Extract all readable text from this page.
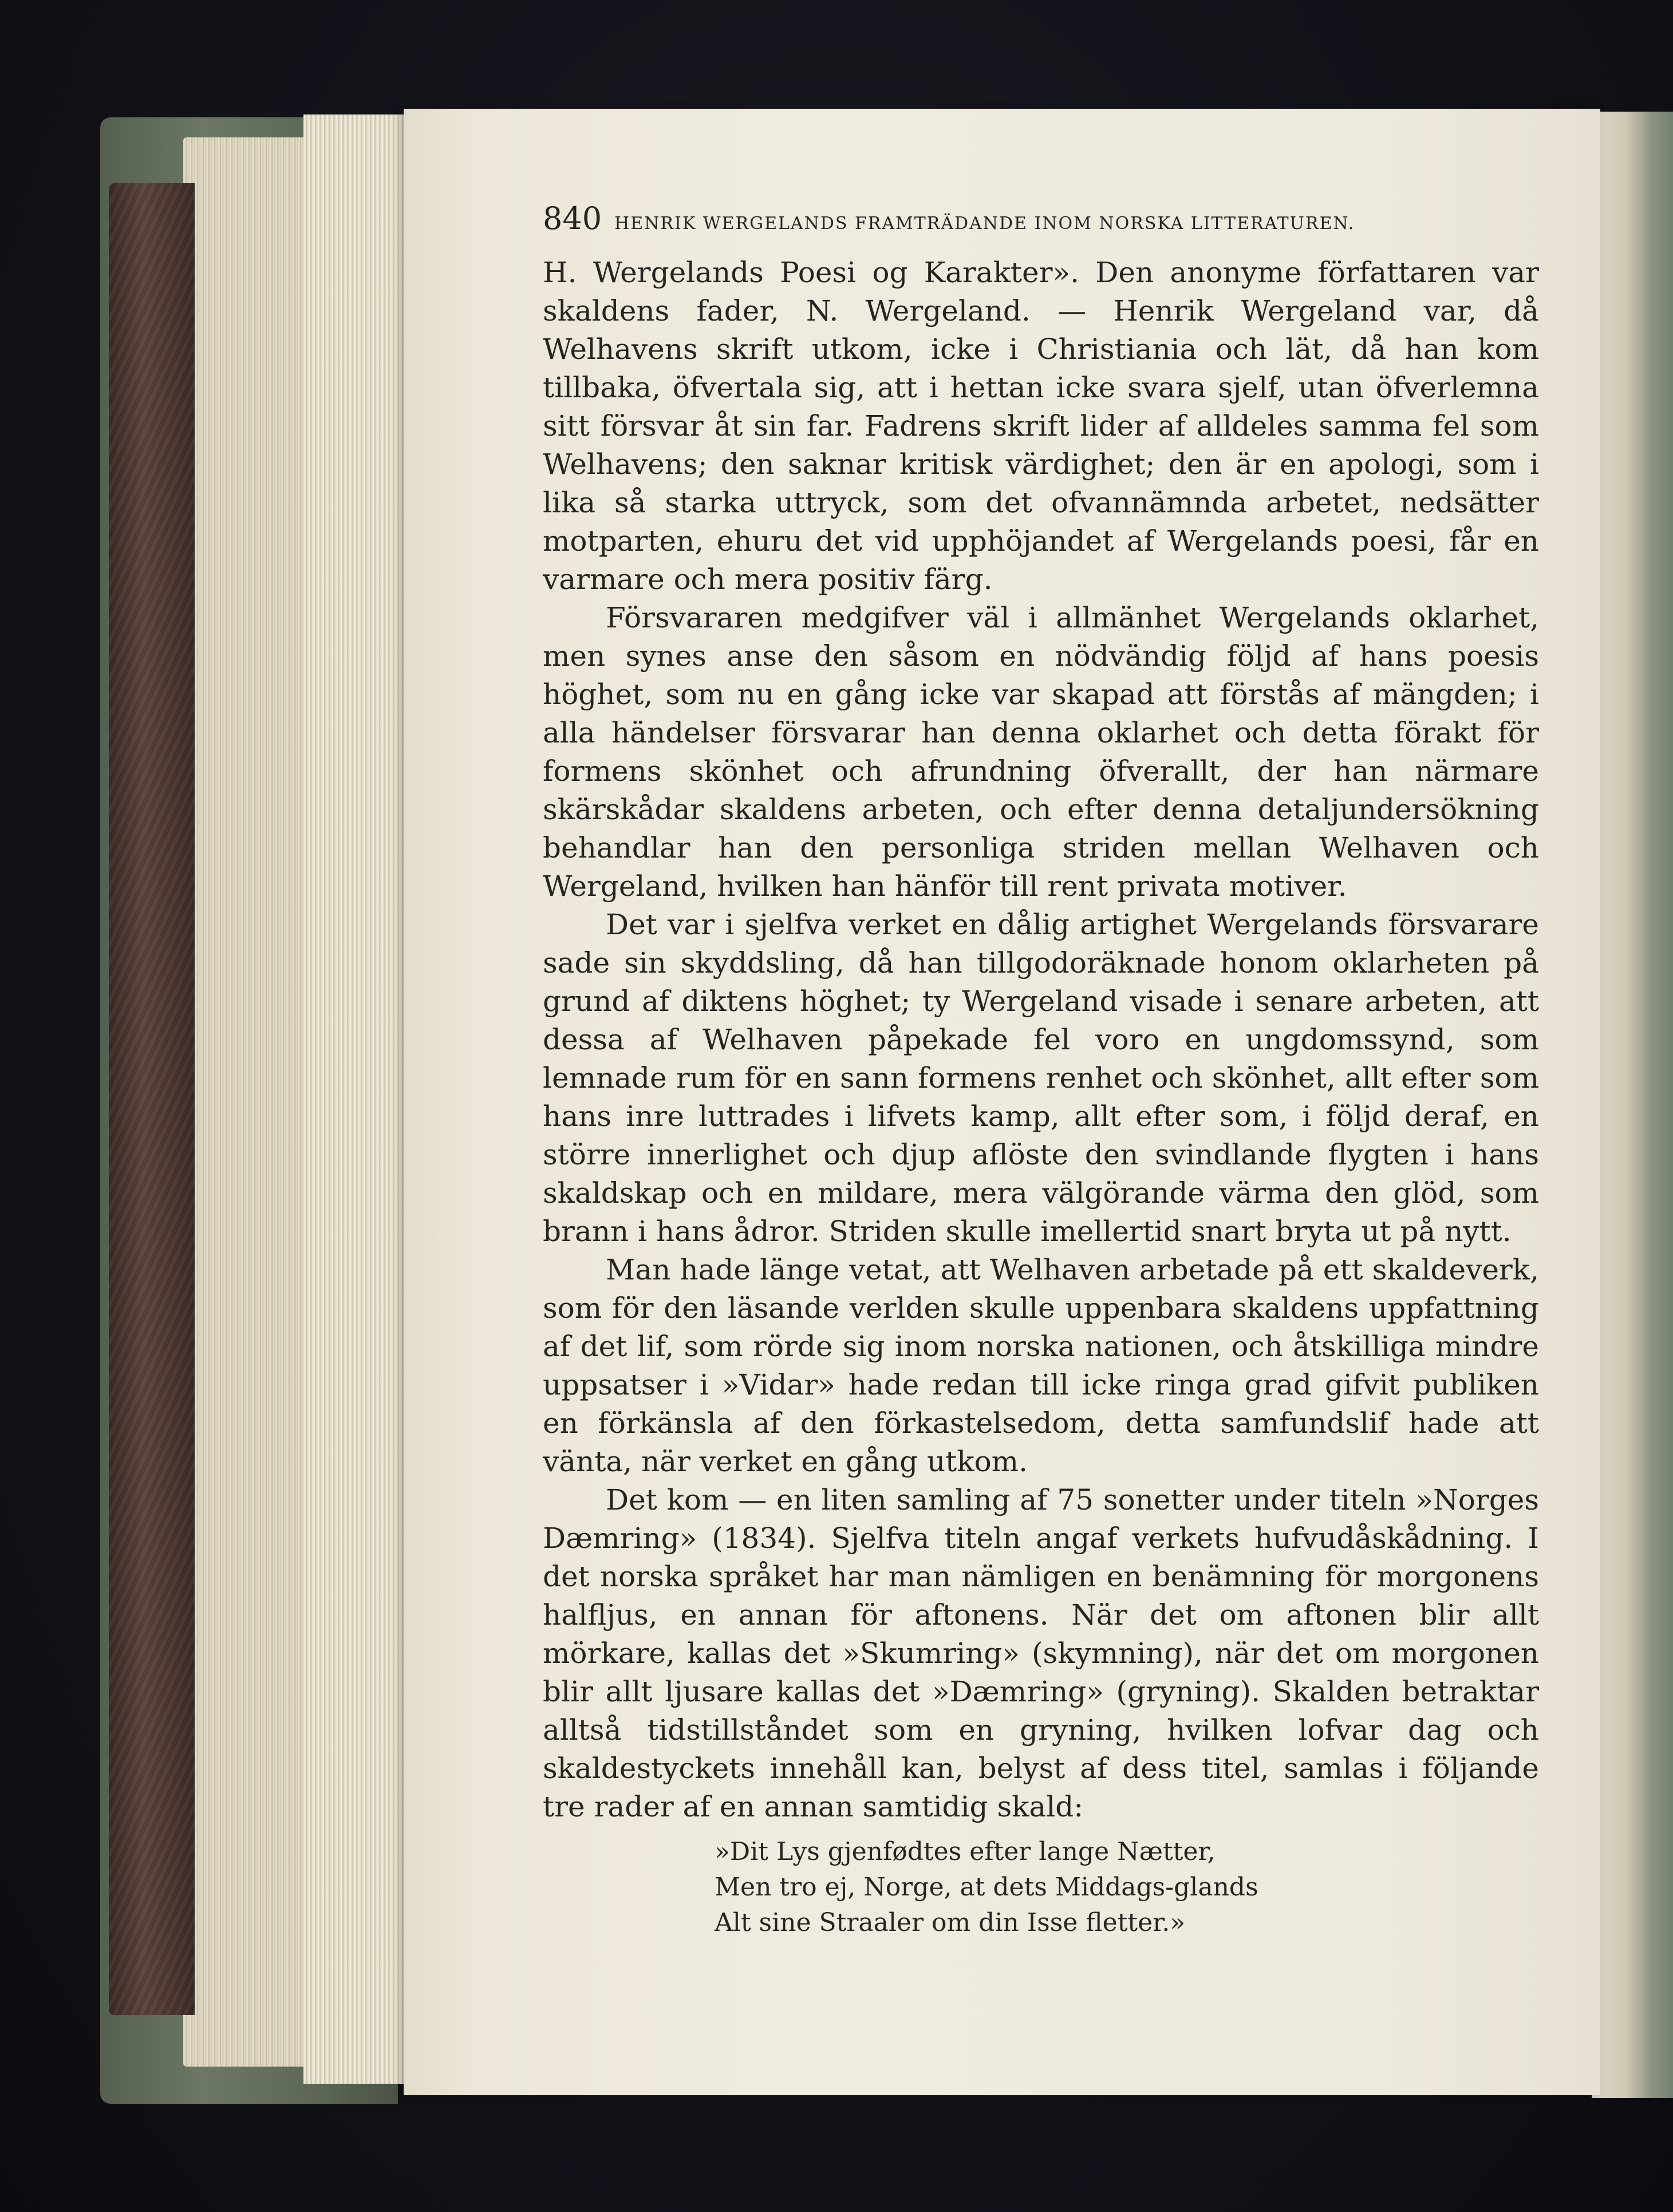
840 HENRIK WERGELANDS FRAMTRÄDANDE INOM NORSKA LITTERATUREN.

H. Wergelands Poesi og Karakter». Den anonyme författaren var skaldens fader, N. Wergeland. — Henrik Wergeland var, då Welhavens skrift utkom, icke i Christiania och lät, då han kom tillbaka, öfvertala sig, att i hettan icke svara sjelf, utan öfverlemna sitt försvar åt sin far. Fadrens skrift lider af alldeles samma fel som Welhavens; den saknar kritisk värdighet; den är en apologi, som i lika så starka uttryck, som det ofvannämnda arbetet, nedsätter motparten, ehuru det vid upphöjandet af Wergelands poesi, får en varmare och mera positiv färg.

Försvararen medgifver väl i allmänhet Wergelands oklarhet, men synes anse den såsom en nödvändig följd af hans poesis höghet, som nu en gång icke var skapad att förstås af mängden; i alla händelser försvarar han denna oklarhet och detta förakt för formens skönhet och afrundning öfverallt, der han närmare skärskådar skaldens arbeten, och efter denna detaljundersökning behandlar han den personliga striden mellan Welhaven och Wergeland, hvilken han hänför till rent privata motiver.

Det var i sjelfva verket en dålig artighet Wergelands försvarare sade sin skyddsling, då han tillgodoräknade honom oklarheten på grund af diktens höghet; ty Wergeland visade i senare arbeten, att dessa af Welhaven påpekade fel voro en ungdomssynd, som lemnade rum för en sann formens renhet och skönhet, allt efter som hans inre luttrades i lifvets kamp, allt efter som, i följd deraf, en större innerlighet och djup aflöste den svindlande flygten i hans skaldskap och en mildare, mera välgörande värma den glöd, som brann i hans ådror. Striden skulle imellertid snart bryta ut på nytt.

Man hade länge vetat, att Welhaven arbetade på ett skaldeverk, som för den läsande verlden skulle uppenbara skaldens uppfattning af det lif, som rörde sig inom norska nationen, och åtskilliga mindre uppsatser i »Vidar» hade redan till icke ringa grad gifvit publiken en förkänsla af den förkastelsedom, detta samfundslif hade att vänta, när verket en gång utkom.

Det kom — en liten samling af 75 sonetter under titeln »Norges Dæmring» (1834). Sjelfva titeln angaf verkets hufvudåskådning. I det norska språket har man nämligen en benämning för morgonens halfljus, en annan för aftonens. När det om aftonen blir allt mörkare, kallas det »Skumring» (skymning), när det om morgonen blir allt ljusare kallas det »Dæmring» (gryning). Skalden betraktar alltså tidstillståndet som en gryning, hvilken lofvar dag och skaldestyckets innehåll kan, belyst af dess titel, samlas i följande tre rader af en annan samtidig skald:

»Dit Lys gjenfødtes efter lange Nætter,
Men tro ej, Norge, at dets Middags-glands
Alt sine Straaler om din Isse fletter.»
